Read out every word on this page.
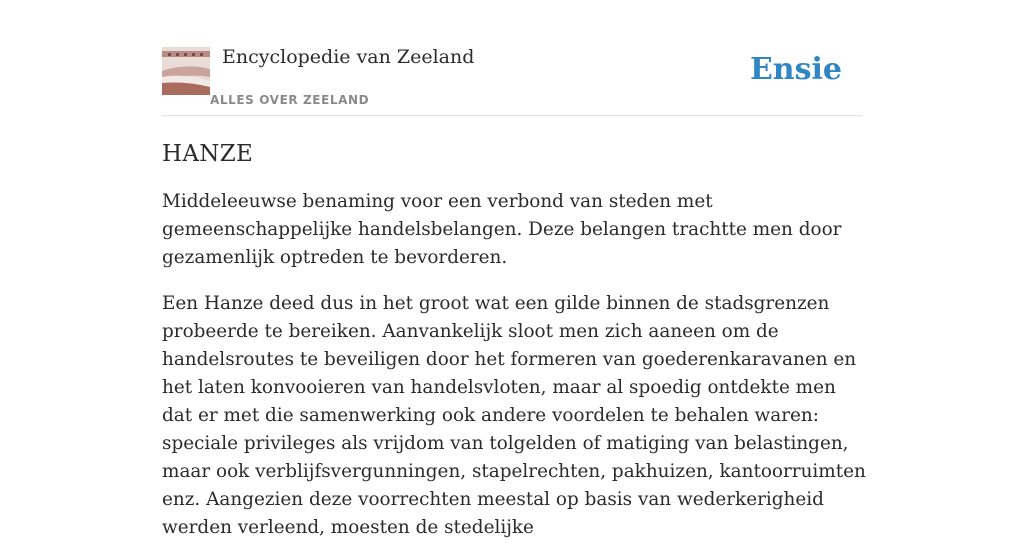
Encyclopedie van Zeeland
ALLES OVER ZEELAND
Ensie
HANZE

Middeleeuwse benaming voor een verbond van steden met gemeenschappelijke handelsbelangen. Deze belangen trachtte men door gezamenlijk optreden te bevorderen.

Een Hanze deed dus in het groot wat een gilde binnen de stadsgrenzen probeerde te bereiken. Aanvankelijk sloot men zich aaneen om de handelsroutes te beveiligen door het formeren van goederenkaravanen en het laten konvooieren van handelsvloten, maar al spoedig ontdekte men dat er met die samenwerking ook andere voordelen te behalen waren: speciale privileges als vrijdom van tolgelden of matiging van belastingen, maar ook verblijfsvergunningen, stapelrechten, pakhuizen, kantoorruimten enz. Aangezien deze voorrechten meestal op basis van wederkerigheid werden verleend, moesten de stedelijke
